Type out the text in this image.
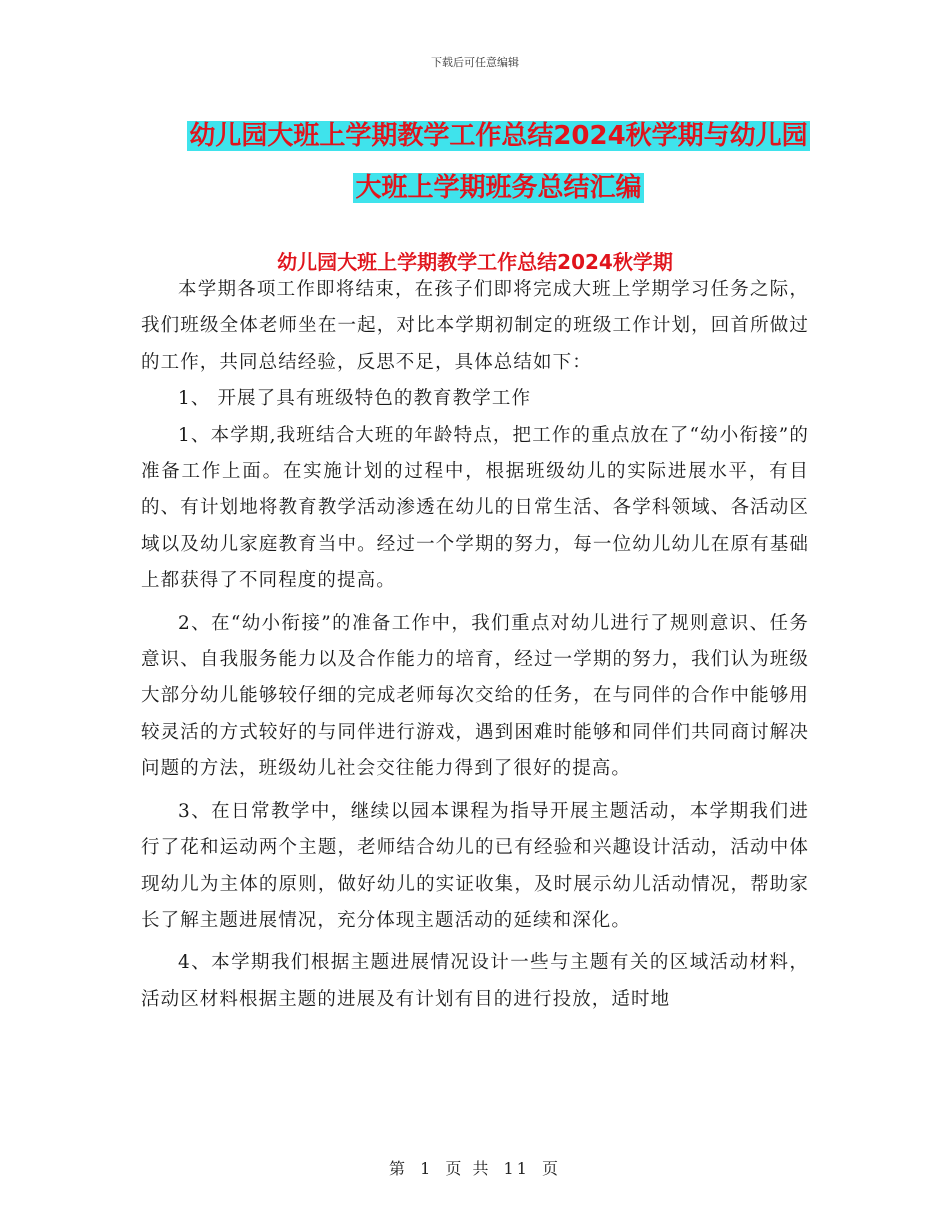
下载后可任意编辑
幼儿园大班上学期教学工作总结2024秋学期与幼儿园
大班上学期班务总结汇编
幼儿园大班上学期教学工作总结2024秋学期

本学期各项工作即将结束，在孩子们即将完成大班上学期学习任务之际，我们班级全体老师坐在一起，对比本学期初制定的班级工作计划，回首所做过的工作，共同总结经验，反思不足，具体总结如下：

1、 开展了具有班级特色的教育教学工作

1、本学期,我班结合大班的年龄特点，把工作的重点放在了“幼小衔接”的准备工作上面。在实施计划的过程中，根据班级幼儿的实际进展水平，有目的、有计划地将教育教学活动渗透在幼儿的日常生活、各学科领域、各活动区域以及幼儿家庭教育当中。经过一个学期的努力，每一位幼儿幼儿在原有基础上都获得了不同程度的提高。

2、在“幼小衔接”的准备工作中，我们重点对幼儿进行了规则意识、任务意识、自我服务能力以及合作能力的培育，经过一学期的努力，我们认为班级大部分幼儿能够较仔细的完成老师每次交给的任务，在与同伴的合作中能够用较灵活的方式较好的与同伴进行游戏，遇到困难时能够和同伴们共同商讨解决问题的方法，班级幼儿社会交往能力得到了很好的提高。

3、在日常教学中，继续以园本课程为指导开展主题活动，本学期我们进行了花和运动两个主题，老师结合幼儿的已有经验和兴趣设计活动，活动中体现幼儿为主体的原则，做好幼儿的实证收集，及时展示幼儿活动情况，帮助家长了解主题进展情况，充分体现主题活动的延续和深化。

4、本学期我们根据主题进展情况设计一些与主题有关的区域活动材料，活动区材料根据主题的进展及有计划有目的进行投放，适时地

第 1 页 共 11 页
